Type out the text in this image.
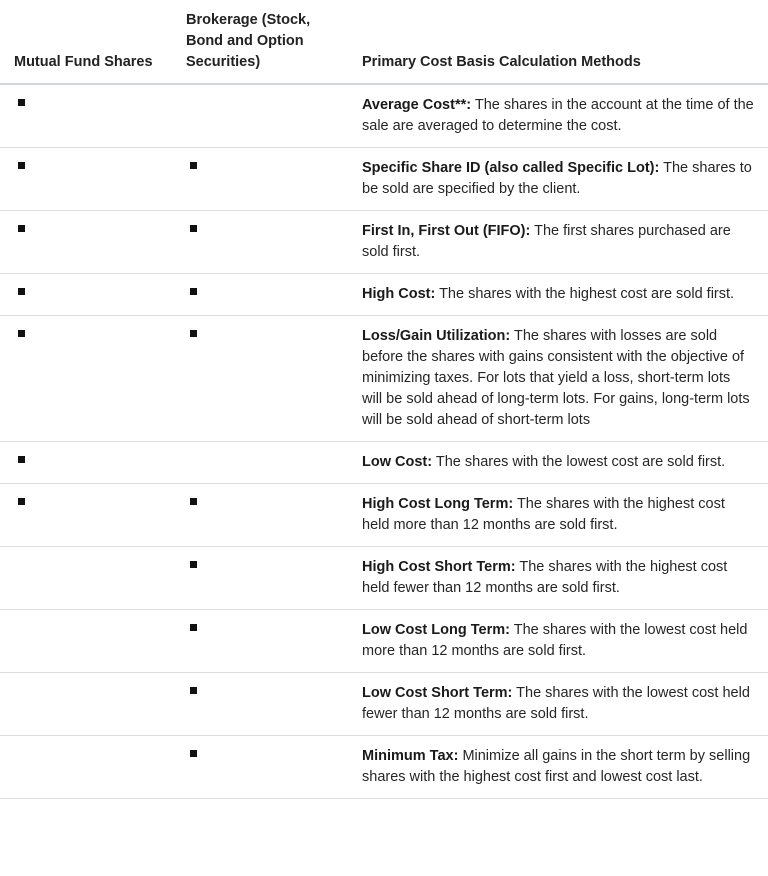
Mutual Fund Shares	Brokerage (Stock, Bond and Option Securities)	Primary Cost Basis Calculation Methods
		Average Cost**: The shares in the account at the time of the sale are averaged to determine the cost.
		Specific Share ID (also called Specific Lot): The shares to be sold are specified by the client.
		First In, First Out (FIFO): The first shares purchased are sold first.
		High Cost: The shares with the highest cost are sold first.
		Loss/Gain Utilization: The shares with losses are sold before the shares with gains consistent with the objective of minimizing taxes. For lots that yield a loss, short-term lots will be sold ahead of long-term lots. For gains, long-term lots will be sold ahead of short-term lots
		Low Cost: The shares with the lowest cost are sold first.
		High Cost Long Term: The shares with the highest cost held more than 12 months are sold first.
		High Cost Short Term: The shares with the highest cost held fewer than 12 months are sold first.
		Low Cost Long Term: The shares with the lowest cost held more than 12 months are sold first.
		Low Cost Short Term: The shares with the lowest cost held fewer than 12 months are sold first.
		Minimum Tax: Minimize all gains in the short term by selling shares with the highest cost first and lowest cost last.
